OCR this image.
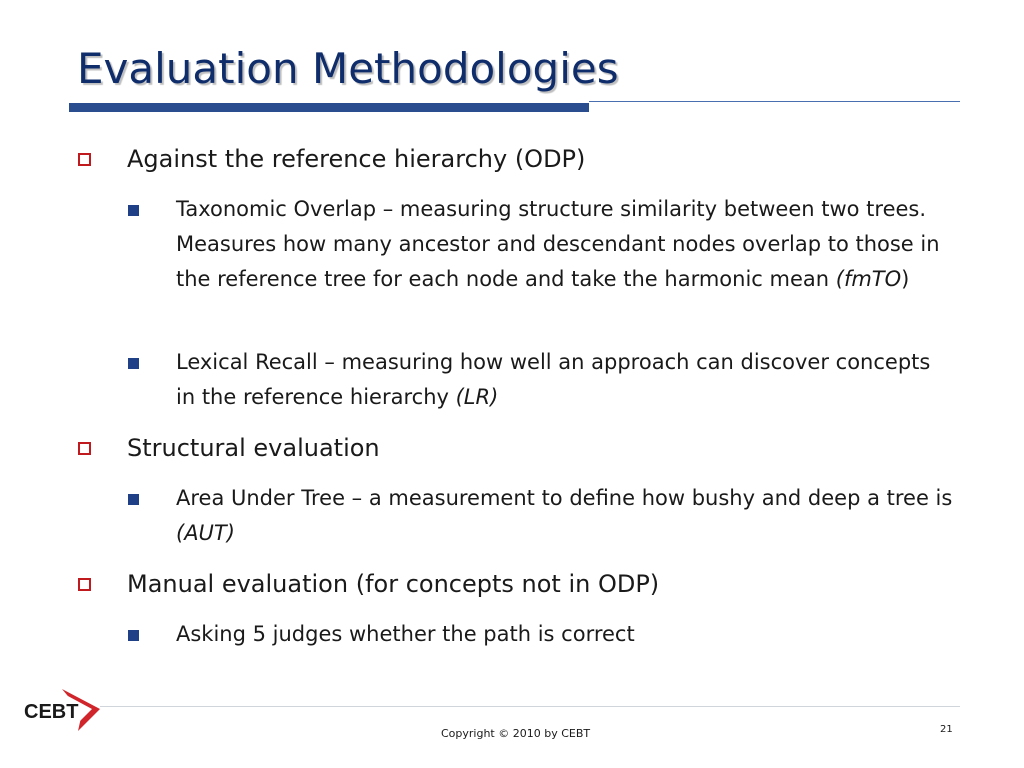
Evaluation Methodologies
Against the reference hierarchy (ODP)
Taxonomic Overlap – measuring structure similarity between two trees. Measures how many ancestor and descendant nodes overlap to those in the reference tree for each node and take the harmonic mean (fmTO)
Lexical Recall – measuring how well an approach can discover concepts in the reference hierarchy (LR)
Structural evaluation
Area Under Tree – a measurement to define how bushy and deep a tree is (AUT)
Manual evaluation (for concepts not in ODP)
Asking 5 judges whether the path is correct
CEBT
Copyright © 2010 by CEBT	21
